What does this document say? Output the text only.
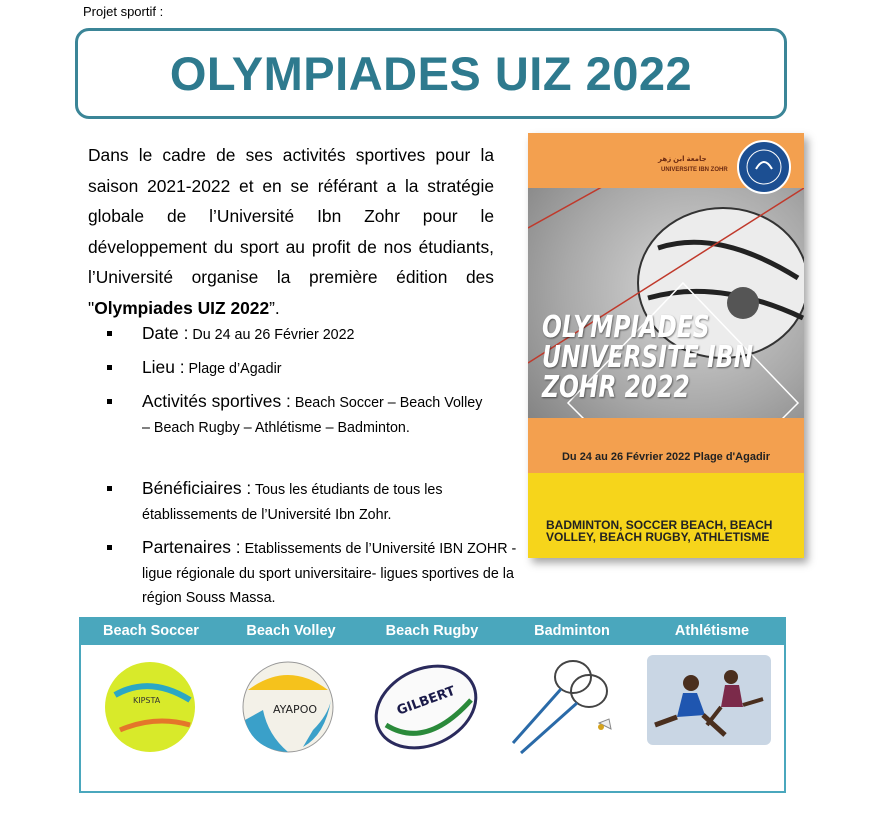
Projet sportif :
OLYMPIADES UIZ 2022
Dans le cadre de ses activités sportives pour la saison 2021-2022 et en se référant a la stratégie globale de l’Université Ibn Zohr pour le développement du sport au profit de nos étudiants, l’Université organise la première édition des "Olympiades UIZ 2022”.
Date : Du 24 au 26 Février 2022
Lieu : Plage d’Agadir
Activités sportives : Beach Soccer – Beach Volley – Beach Rugby – Athlétisme – Badminton.
Bénéficiaires : Tous les étudiants de tous les établissements de l’Université Ibn Zohr.
Partenaires : Etablissements de l’Université IBN ZOHR - ligue régionale du sport universitaire- ligues sportives de la région Souss Massa.
جامعة ابن زهر
UNIVERSITE IBN ZOHR
OLYMPIADES
UNIVERSITE IBN
ZOHR 2022
Du 24 au 26 Février 2022 Plage d'Agadir
BADMINTON, SOCCER BEACH, BEACH VOLLEY, BEACH RUGBY, ATHLETISME
Beach Soccer	Beach Volley	Beach Rugby	Badminton	Athlétisme
KIPSTA
AYAPOO	GILBERT
